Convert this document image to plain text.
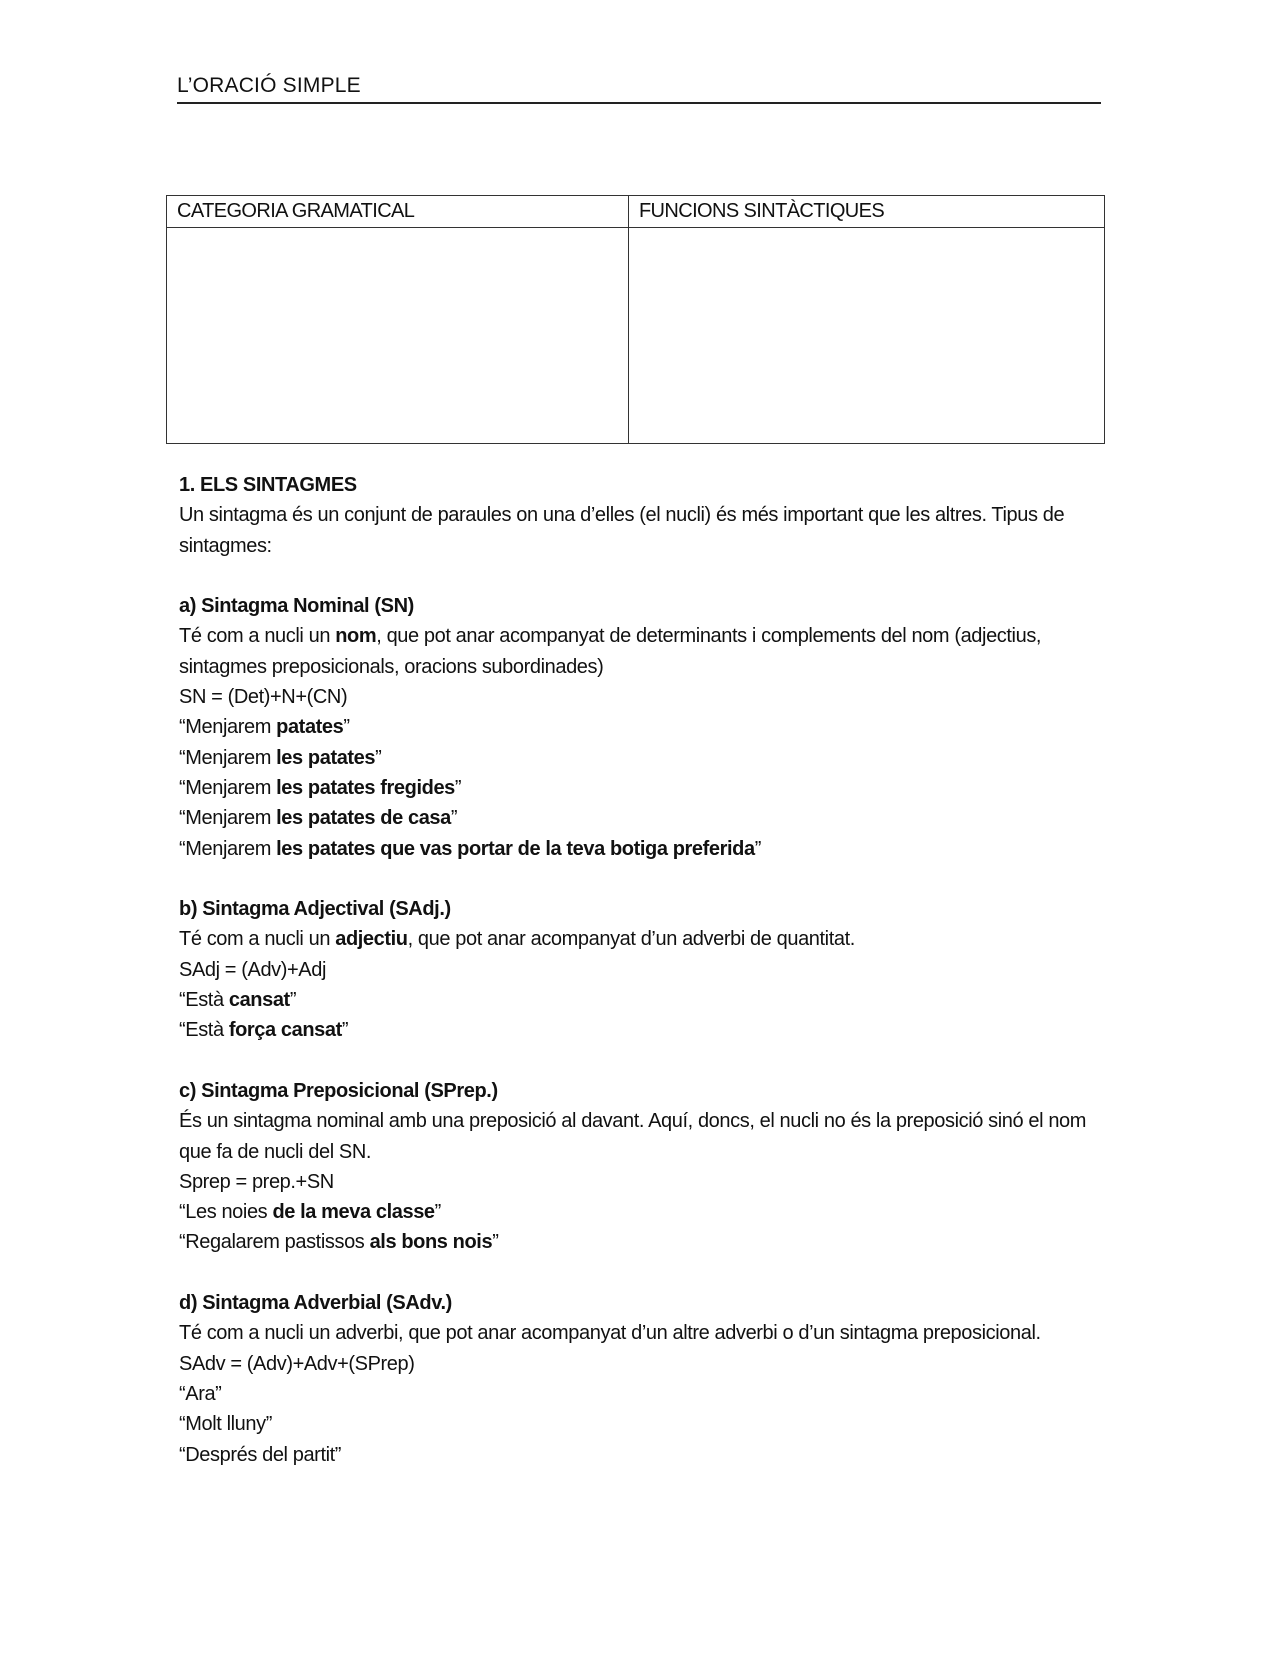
L’ORACIÓ SIMPLE
CATEGORIA GRAMATICAL	FUNCIONS SINTÀCTIQUES

1. ELS SINTAGMES

Un sintagma és un conjunt de paraules on una d’elles (el nucli) és més important que les altres. Tipus de sintagmes:

a) Sintagma Nominal (SN)

Té com a nucli un nom, que pot anar acompanyat de determinants i complements del nom (adjectius, sintagmes preposicionals, oracions subordinades)

SN = (Det)+N+(CN)

“Menjarem patates”

“Menjarem les patates”

“Menjarem les patates fregides”

“Menjarem les patates de casa”

“Menjarem les patates que vas portar de la teva botiga preferida”

b) Sintagma Adjectival (SAdj.)

Té com a nucli un adjectiu, que pot anar acompanyat d’un adverbi de quantitat.

SAdj = (Adv)+Adj

“Està cansat”

“Està força cansat”

c) Sintagma Preposicional (SPrep.)

És un sintagma nominal amb una preposició al davant. Aquí, doncs, el nucli no és la preposició sinó el nom que fa de nucli del SN.

Sprep = prep.+SN

“Les noies de la meva classe”

“Regalarem pastissos als bons nois”

d) Sintagma Adverbial (SAdv.)

Té com a nucli un adverbi, que pot anar acompanyat d’un altre adverbi o d’un sintagma preposicional.

SAdv = (Adv)+Adv+(SPrep)

“Ara”

“Molt lluny”

“Després del partit”
